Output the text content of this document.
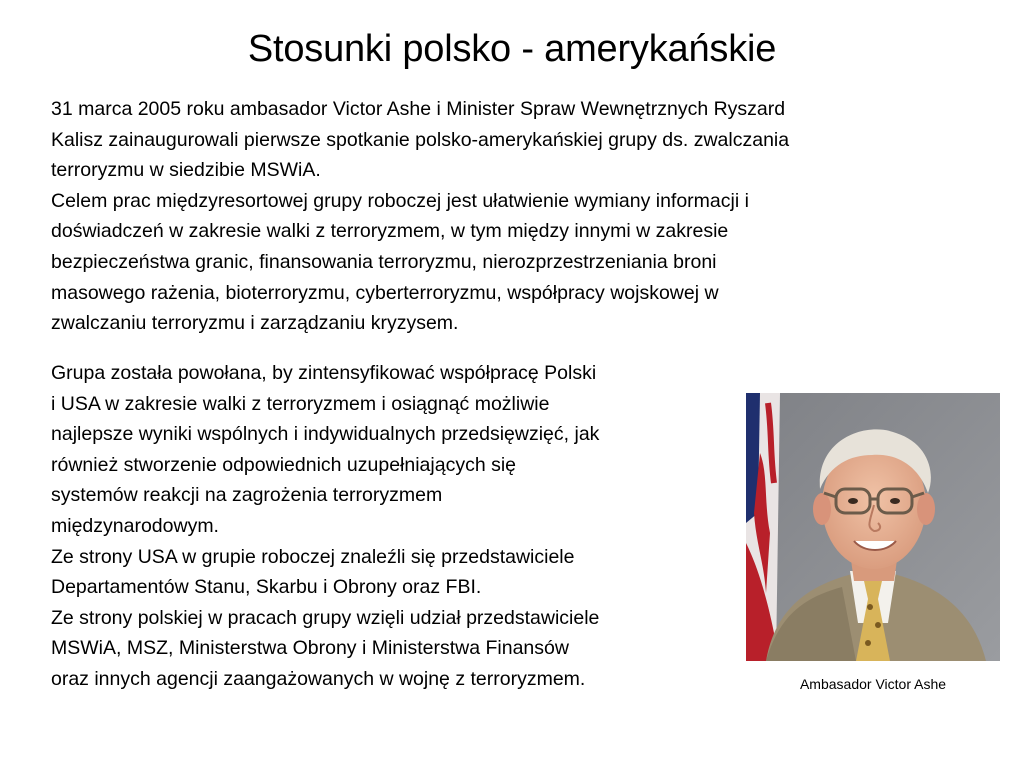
Stosunki polsko - amerykańskie
31 marca 2005 roku ambasador Victor Ashe i Minister Spraw Wewnętrznych Ryszard
Kalisz zainaugurowali pierwsze spotkanie polsko-amerykańskiej grupy ds. zwalczania
terroryzmu w siedzibie MSWiA.
Celem prac międzyresortowej grupy roboczej jest ułatwienie wymiany informacji i
doświadczeń w zakresie walki z terroryzmem, w tym między innymi w zakresie
bezpieczeństwa granic, finansowania terroryzmu, nierozprzestrzeniania broni
masowego rażenia, bioterroryzmu, cyberterroryzmu, współpracy wojskowej w
zwalczaniu terroryzmu i zarządzaniu kryzysem.
Grupa została powołana, by zintensyfikować współpracę Polski
i USA w zakresie walki z terroryzmem i osiągnąć możliwie
najlepsze wyniki wspólnych i indywidualnych przedsięwzięć, jak
również stworzenie odpowiednich uzupełniających się
systemów reakcji na zagrożenia terroryzmem
międzynarodowym.
Ze strony USA w grupie roboczej znaleźli się przedstawiciele
Departamentów Stanu, Skarbu i Obrony oraz FBI.
Ze strony polskiej w pracach grupy wzięli udział przedstawiciele
MSWiA, MSZ, Ministerstwa Obrony i Ministerstwa Finansów
oraz innych agencji zaangażowanych w wojnę z terroryzmem.	Ambasador Victor Ashe
